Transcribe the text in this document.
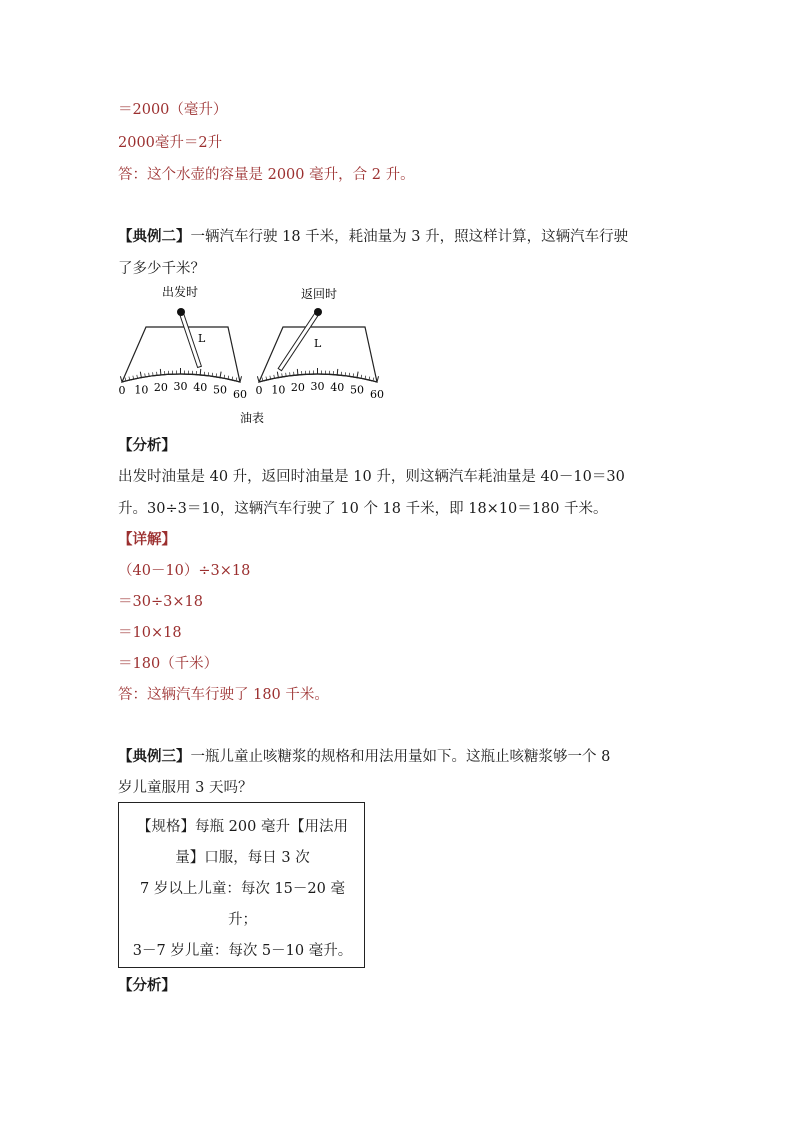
＝2000（毫升）
2000毫升＝2升
答：这个水壶的容量是 2000 毫升，合 2 升。
【典例二】一辆汽车行驶 18 千米，耗油量为 3 升，照这样计算，这辆汽车行驶
了多少千米？
出发时
0 10 20 30 40 50 60
L
返回时
0 10 20 30 40 50 60
L
油表
【分析】
出发时油量是 40 升，返回时油量是 10 升，则这辆汽车耗油量是 40－10＝30
升。30÷3＝10，这辆汽车行驶了 10 个 18 千米，即 18×10＝180 千米。
【详解】
（40－10）÷3×18
＝30÷3×18
＝10×18
＝180（千米）
答：这辆汽车行驶了 180 千米。
【典例三】一瓶儿童止咳糖浆的规格和用法用量如下。这瓶止咳糖浆够一个 8
岁儿童服用 3 天吗？
【规格】每瓶 200 毫升【用法用
量】口服，每日 3 次
7 岁以上儿童：每次 15－20 毫
升；
3－7 岁儿童：每次 5－10 毫升。
【分析】
